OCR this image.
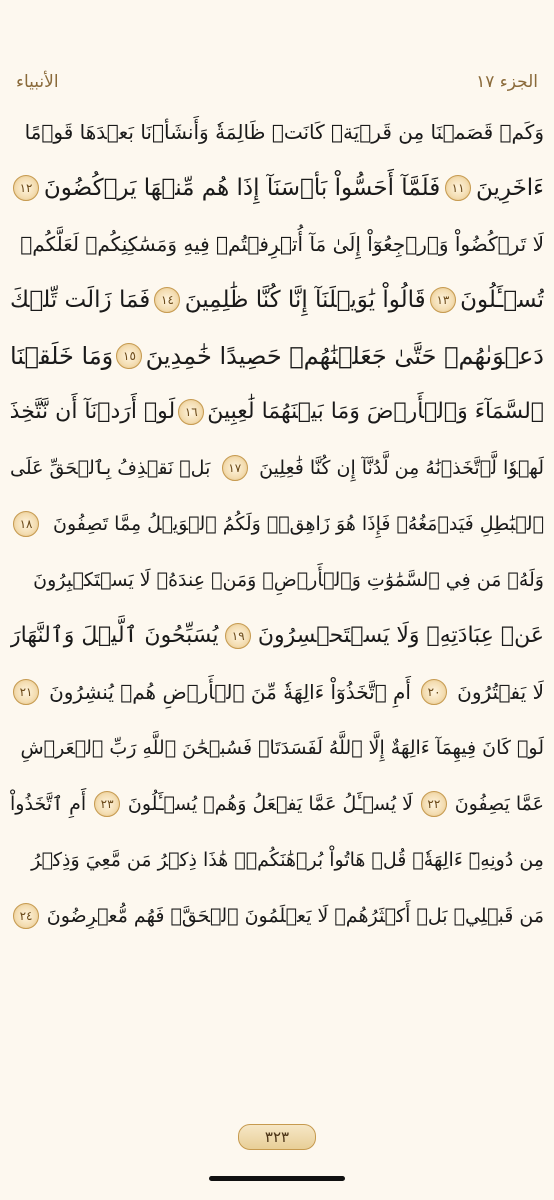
الجزء ١٧
الأنبياء
وَكَمۡ قَصَمۡنَا مِن قَرۡيَةٖ كَانَتۡ ظَالِمَةٗ وَأَنشَأۡنَا بَعۡدَهَا قَوۡمًا
ءَاخَرِينَ
١١
فَلَمَّآ أَحَسُّواْ بَأۡسَنَآ إِذَا هُم مِّنۡهَا يَرۡكُضُونَ
١٢
لَا تَرۡكُضُواْ وَٱرۡجِعُوٓاْ إِلَىٰ مَآ أُتۡرِفۡتُمۡ فِيهِ وَمَسَٰكِنِكُمۡ لَعَلَّكُمۡ
تُسۡـَٔلُونَ
١٣
قَالُواْ يَٰوَيۡلَنَآ إِنَّا كُنَّا ظَٰلِمِينَ
١٤
فَمَا زَالَت تِّلۡكَ
دَعۡوَىٰهُمۡ حَتَّىٰ جَعَلۡنَٰهُمۡ حَصِيدًا خَٰمِدِينَ
١٥
وَمَا خَلَقۡنَا
ٱلسَّمَآءَ وَٱلۡأَرۡضَ وَمَا بَيۡنَهُمَا لَٰعِبِينَ
١٦
لَوۡ أَرَدۡنَآ أَن نَّتَّخِذَ
لَهۡوٗا لَّٱتَّخَذۡنَٰهُ مِن لَّدُنَّآ إِن كُنَّا فَٰعِلِينَ
١٧
بَلۡ نَقۡذِفُ بِٱلۡحَقِّ عَلَى
ٱلۡبَٰطِلِ فَيَدۡمَغُهُۥ فَإِذَا هُوَ زَاهِقٞۚ وَلَكُمُ ٱلۡوَيۡلُ مِمَّا تَصِفُونَ
١٨
وَلَهُۥ مَن فِي ٱلسَّمَٰوَٰتِ وَٱلۡأَرۡضِۚ وَمَنۡ عِندَهُۥ لَا يَسۡتَكۡبِرُونَ
عَنۡ عِبَادَتِهِۦ وَلَا يَسۡتَحۡسِرُونَ
١٩
يُسَبِّحُونَ ٱلَّيۡلَ وَٱلنَّهَارَ
لَا يَفۡتُرُونَ
٢٠
أَمِ ٱتَّخَذُوٓاْ ءَالِهَةٗ مِّنَ ٱلۡأَرۡضِ هُمۡ يُنشِرُونَ
٢١
لَوۡ كَانَ فِيهِمَآ ءَالِهَةٌ إِلَّا ٱللَّهُ لَفَسَدَتَاۚ فَسُبۡحَٰنَ ٱللَّهِ رَبِّ ٱلۡعَرۡشِ
عَمَّا يَصِفُونَ
٢٢
لَا يُسۡـَٔلُ عَمَّا يَفۡعَلُ وَهُمۡ يُسۡـَٔلُونَ
٢٣
أَمِ ٱتَّخَذُواْ
مِن دُونِهِۦٓ ءَالِهَةٗۖ قُلۡ هَاتُواْ بُرۡهَٰنَكُمۡۖ هَٰذَا ذِكۡرُ مَن مَّعِيَ وَذِكۡرُ
مَن قَبۡلِيۗ بَلۡ أَكۡثَرُهُمۡ لَا يَعۡلَمُونَ ٱلۡحَقَّۖ فَهُم مُّعۡرِضُونَ
٢٤
٣٢٣
